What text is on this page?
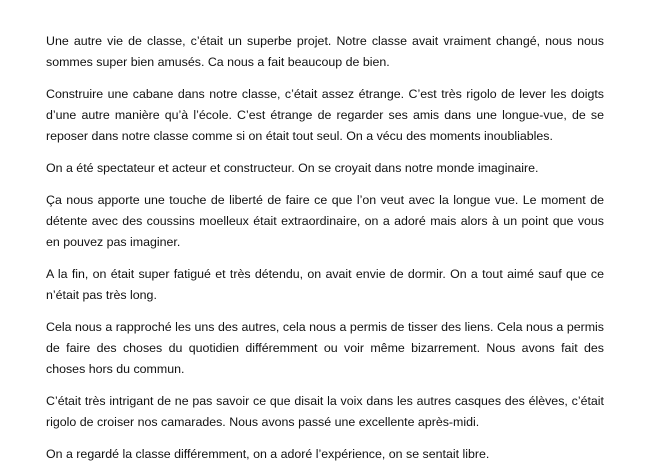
Une autre vie de classe, c’était un superbe projet. Notre classe avait vraiment changé, nous nous sommes super bien amusés. Ca nous a fait beaucoup de bien.

Construire une cabane dans notre classe, c’était assez étrange. C’est très rigolo de lever les doigts d’une autre manière qu’à l’école. C’est étrange de regarder ses amis dans une longue-vue, de se reposer dans notre classe comme si on était tout seul. On a vécu des moments inoubliables.

On a été spectateur et acteur et constructeur. On se croyait dans notre monde imaginaire.

Ça nous apporte une touche de liberté de faire ce que l’on veut avec la longue vue. Le moment de détente avec des coussins moelleux était extraordinaire, on a adoré mais alors à un point que vous en pouvez pas imaginer.

A la fin, on était super fatigué et très détendu, on avait envie de dormir. On a tout aimé sauf que ce n’était pas très long.

Cela nous a rapproché les uns des autres, cela nous a permis de tisser des liens. Cela nous a permis de faire des choses du quotidien différemment ou voir même bizarrement. Nous avons fait des choses hors du commun.

C’était très intrigant de ne pas savoir ce que disait la voix dans les autres casques des élèves, c’était rigolo de croiser nos camarades. Nous avons passé une excellente après-midi.

On a regardé la classe différemment, on a adoré l’expérience, on se sentait libre.
